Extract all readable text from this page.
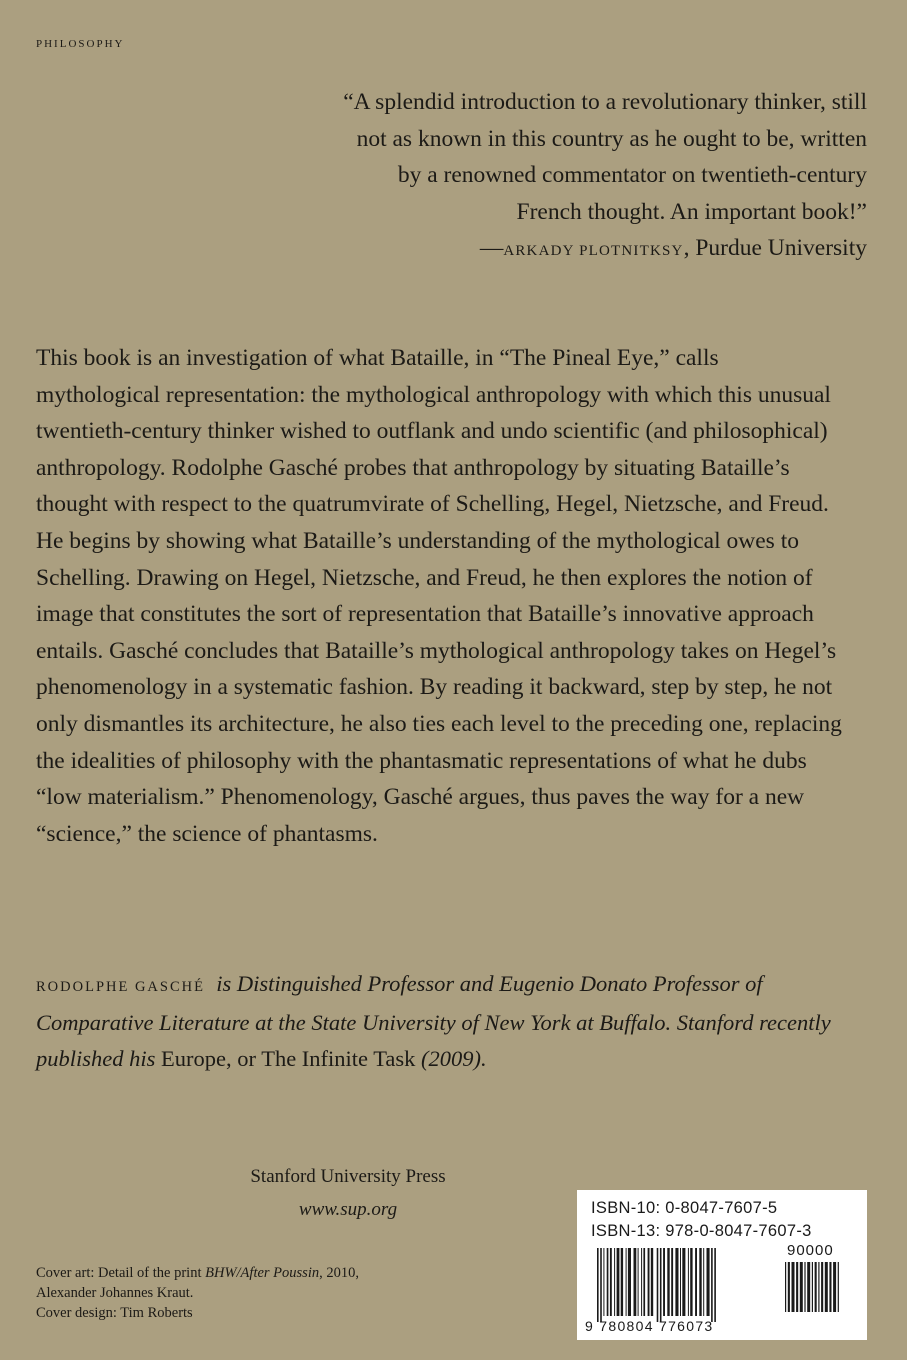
PHILOSOPHY
“A splendid introduction to a revolutionary thinker, still
not as known in this country as he ought to be, written
by a renowned commentator on twentieth-century
French thought. An important book!”
—ARKADY PLOTNITKSY, Purdue University
This book is an investigation of what Bataille, in “The Pineal Eye,” calls
mythological representation: the mythological anthropology with which this unusual
twentieth-century thinker wished to outflank and undo scientific (and philosophical)
anthropology. Rodolphe Gasché probes that anthropology by situating Bataille’s
thought with respect to the quatrumvirate of Schelling, Hegel, Nietzsche, and Freud.
He begins by showing what Bataille’s understanding of the mythological owes to
Schelling. Drawing on Hegel, Nietzsche, and Freud, he then explores the notion of
image that constitutes the sort of representation that Bataille’s innovative approach
entails. Gasché concludes that Bataille’s mythological anthropology takes on Hegel’s
phenomenology in a systematic fashion. By reading it backward, step by step, he not
only dismantles its architecture, he also ties each level to the preceding one, replacing
the idealities of philosophy with the phantasmatic representations of what he dubs
“low materialism.” Phenomenology, Gasché argues, thus paves the way for a new
“science,” the science of phantasms.
RODOLPHE GASCHÉ is Distinguished Professor and Eugenio Donato Professor of
Comparative Literature at the State University of New York at Buffalo. Stanford recently
published his Europe, or The Infinite Task (2009).
Stanford University Press
www.sup.org
Cover art: Detail of the print BHW/After Poussin, 2010,
Alexander Johannes Kraut.
Cover design: Tim Roberts
ISBN-10: 0-8047-7607-5
ISBN-13: 978-0-8047-7607-3
90000
9 780804 776073
